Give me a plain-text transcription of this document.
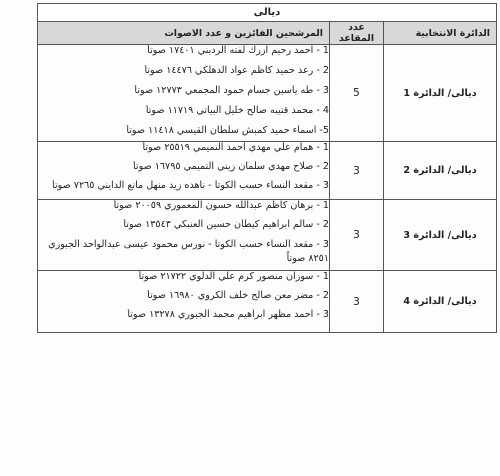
ديالى		
الدائرة الانتخابية	عدد المقاعد	المرشحين الفائزين و عدد الاصوات
ديالى/ الدائرة 1	5	1 - احمد رحيم ازرك لفته الرديني ١٧٤٠١ صوتاً
2 - رعد حميد كاظم عواد الدهلكي ١٤٤٧٦ صوتاً
3 - طه ياسين جسام حمود المجمعي ١٢٧٧٣ صوتاً
4 - محمد قتيبه صالح خليل البياتي ١١٧١٩ صوتاً
5- اسماء حميد كمبش سلطان القيسي ١١٤١٨ صوتاً

ديالى/ الدائرة 2	3	1 - همام علي مهدي احمد التميمي ٢٥٥١٩ صوتاً
2 - صلاح مهدي سلمان زيني التميمي ١٦٧٩٥ صوتاً
3 - مقعد النساء حسب الكوتا - ناهده زيد منهل مانع الدايني ٧٢٦٥ صوتاً

ديالى/ الدائرة 3	3	1 - برهان كاظم عبدالله حسون المعموري ٢٠٠٥٩ صوتاً
2 - سالم ابراهيم كيطان حسين العنبكي ١٣٥٤٣ صوتاً
3 - مقعد النساء حسب الكوتا - نورس محمود عيسى عبدالواحد الجبوري ٨٢٥١ صوتاً

ديالى/ الدائرة 4	3	1 - سوزان منصور كرم علي الدلوي ٢١٧٢٢ صوتاً
2 - مضر معن صالح خلف الكروي ١٦٩٨٠ صوتاً
3 - احمد مظهر ابراهيم محمد الجبوري ١٣٢٧٨ صوتاً
